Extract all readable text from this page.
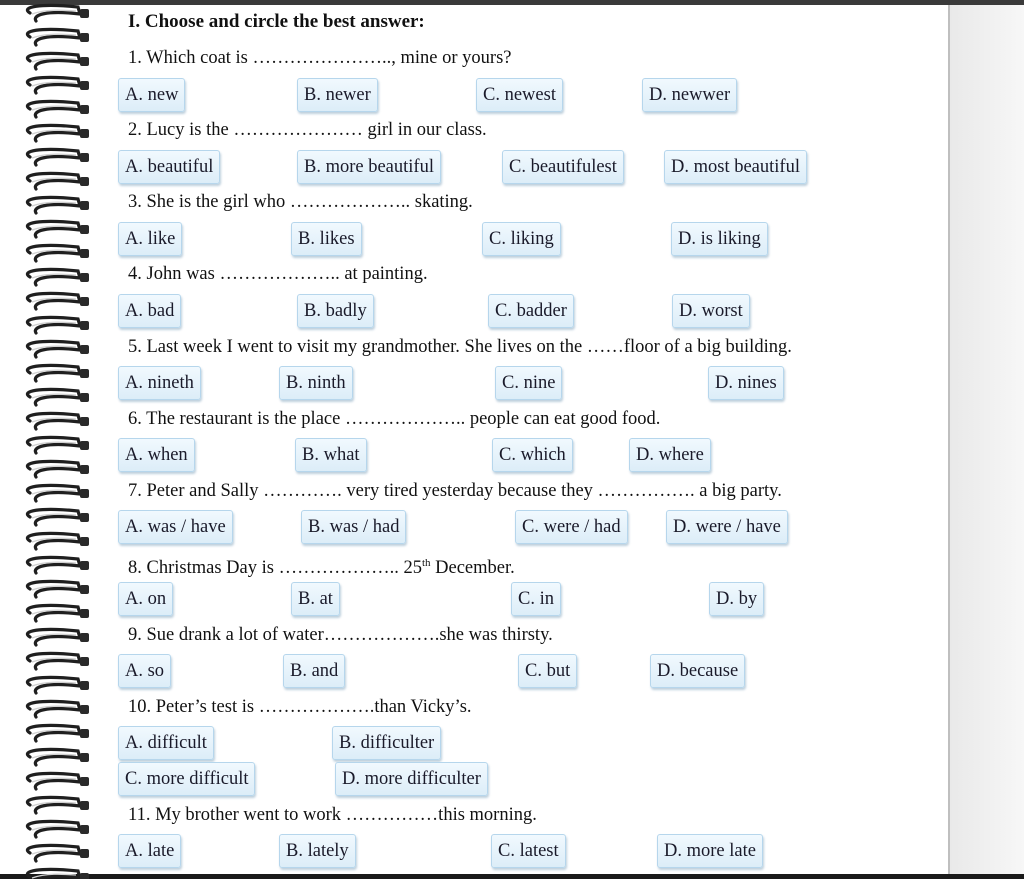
I. Choose and circle the best answer:
1. Which coat is ………………….., mine or yours?
A. new	B. newer	C. newest	D. newwer
2. Lucy is the ………………… girl in our class.
A. beautiful	B. more beautiful	C. beautifulest	D. most beautiful
3. She is the girl who ……………….. skating.
A. like	B. likes	C. liking	D. is liking
4. John was ……………….. at painting.
A. bad	B. badly	C. badder	D. worst
5. Last week I went to visit my grandmother. She lives on the ……floor of a big building.
A. nineth	B. ninth	C. nine	D. nines
6. The restaurant is the place ……………….. people can eat good food.
A. when	B. what	C. which	D. where
7. Peter and Sally …………. very tired yesterday because they ……………. a big party.
A. was / have	B. was / had	C. were / had	D. were / have
8. Christmas Day is ……………….. 25th December.
A. on	B. at	C. in	D. by
9. Sue drank a lot of water……………….she was thirsty.
A. so	B. and	C. but	D. because
10. Peter’s test is ……………….than Vicky’s.
A. difficult	B. difficulter
C. more difficult	D. more difficulter
11. My brother went to work ……………this morning.
A. late	B. lately	C. latest	D. more late
